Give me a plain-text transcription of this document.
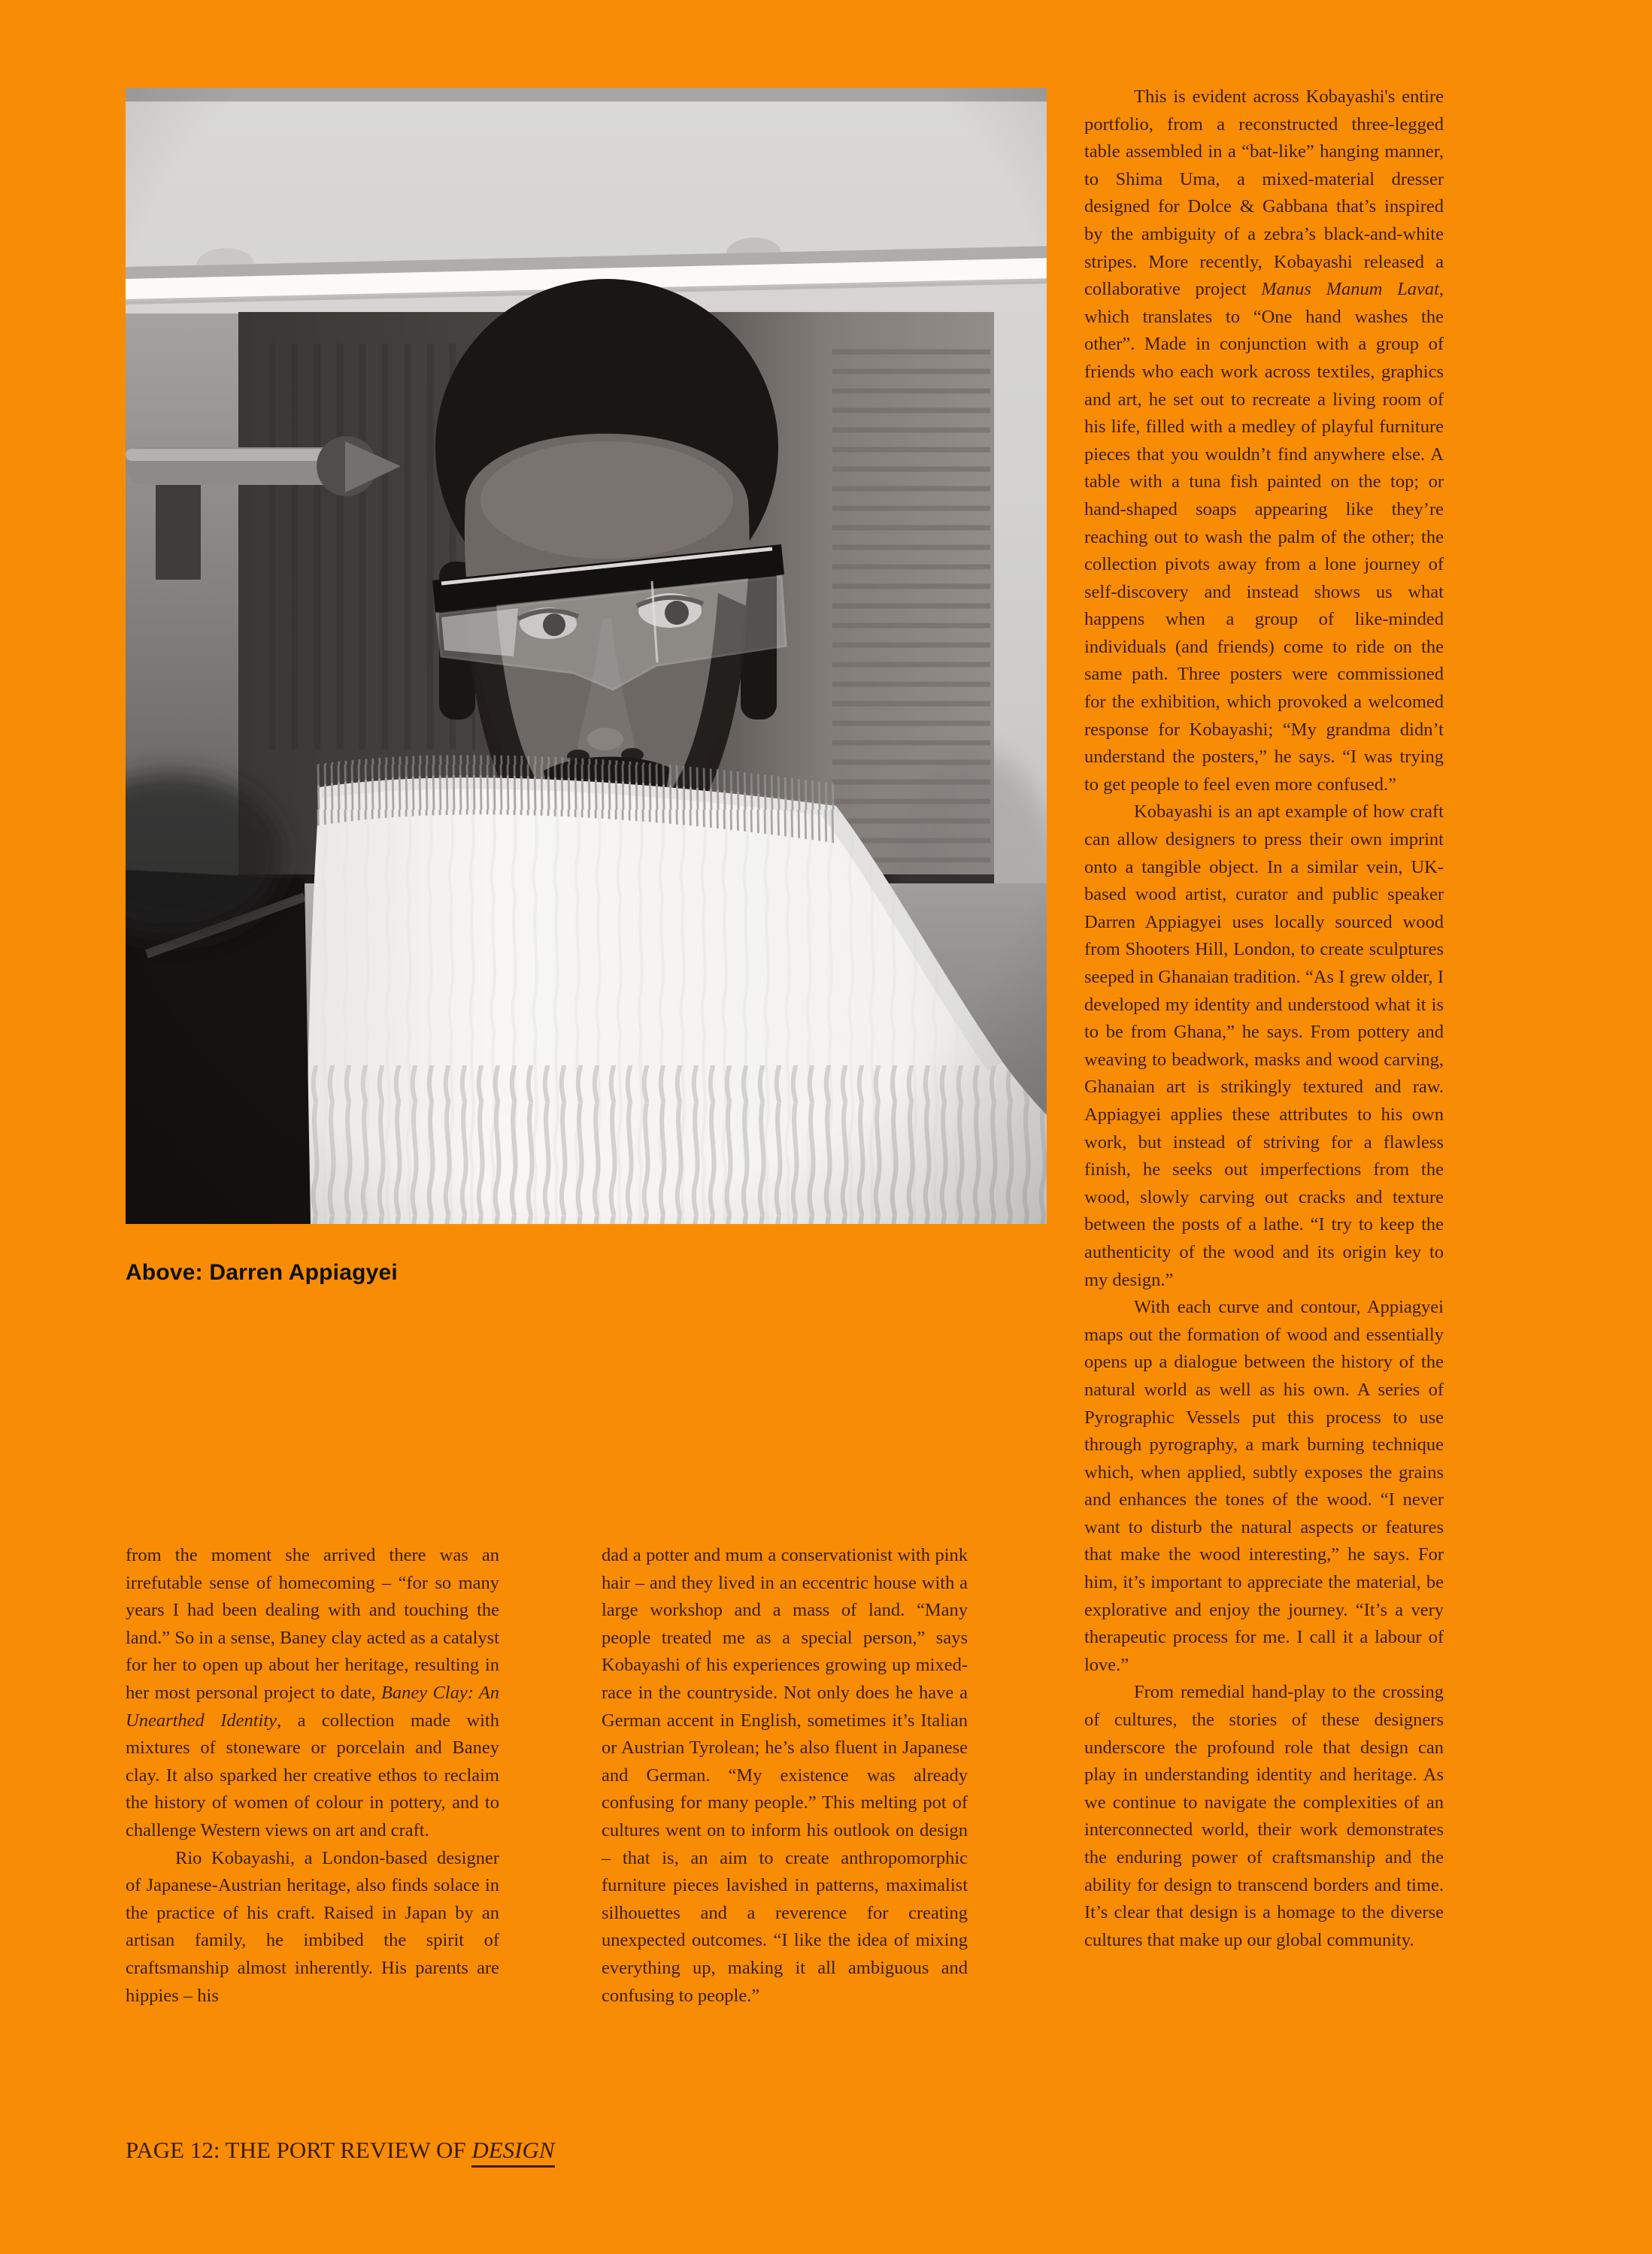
Above: Darren Appiagyei

from the moment she arrived there was an irrefutable sense of homecoming – “for so many years I had been dealing with and touching the land.” So in a sense, Baney clay acted as a catalyst for her to open up about her heritage, resulting in her most personal project to date, Baney Clay: An Unearthed Identity, a collection made with mixtures of stoneware or porcelain and Baney clay. It also sparked her creative ethos to reclaim the history of women of colour in pottery, and to challenge Western views on art and craft.

Rio Kobayashi, a London-based designer of Japanese-Austrian heritage, also finds solace in the practice of his craft. Raised in Japan by an artisan family, he imbibed the spirit of craftsmanship almost inherently. His parents are hippies – his

dad a potter and mum a conservationist with pink hair – and they lived in an eccentric house with a large workshop and a mass of land. “Many people treated me as a special person,” says Kobayashi of his experiences growing up mixed-race in the countryside. Not only does he have a German accent in English, sometimes it’s Italian or Austrian Tyrolean; he’s also fluent in Japanese and German. “My existence was already confusing for many people.” This melting pot of cultures went on to inform his outlook on design – that is, an aim to create anthropomorphic furniture pieces lavished in patterns, maximalist silhouettes and a reverence for creating unexpected outcomes. “I like the idea of mixing everything up, making it all ambiguous and confusing to people.”

This is evident across Kobayashi's entire portfolio, from a reconstructed three-legged table assembled in a “bat-like” hanging manner, to Shima Uma, a mixed-material dresser designed for Dolce & Gabbana that’s inspired by the ambiguity of a zebra’s black-and-white stripes. More recently, Kobayashi released a collaborative project Manus Manum Lavat, which translates to “One hand washes the other”. Made in conjunction with a group of friends who each work across textiles, graphics and art, he set out to recreate a living room of his life, filled with a medley of playful furniture pieces that you wouldn’t find anywhere else. A table with a tuna fish painted on the top; or hand-shaped soaps appearing like they’re reaching out to wash the palm of the other; the collection pivots away from a lone journey of self-discovery and instead shows us what happens when a group of like-minded individuals (and friends) come to ride on the same path. Three posters were commissioned for the exhibition, which provoked a welcomed response for Kobayashi; “My grandma didn’t understand the posters,” he says. “I was trying to get people to feel even more confused.”

Kobayashi is an apt example of how craft can allow designers to press their own imprint onto a tangible object. In a similar vein, UK-based wood artist, curator and public speaker Darren Appiagyei uses locally sourced wood from Shooters Hill, London, to create sculptures seeped in Ghanaian tradition. “As I grew older, I developed my identity and understood what it is to be from Ghana,” he says. From pottery and weaving to beadwork, masks and wood carving, Ghanaian art is strikingly textured and raw. Appiagyei applies these attributes to his own work, but instead of striving for a flawless finish, he seeks out imperfections from the wood, slowly carving out cracks and texture between the posts of a lathe. “I try to keep the authenticity of the wood and its origin key to my design.”

With each curve and contour, Appiagyei maps out the formation of wood and essentially opens up a dialogue between the history of the natural world as well as his own. A series of Pyrographic Vessels put this process to use through pyrography, a mark burning technique which, when applied, subtly exposes the grains and enhances the tones of the wood. “I never want to disturb the natural aspects or features that make the wood interesting,” he says. For him, it’s important to appreciate the material, be explorative and enjoy the journey. “It’s a very therapeutic process for me. I call it a labour of love.”

From remedial hand-play to the crossing of cultures, the stories of these designers underscore the profound role that design can play in understanding identity and heritage. As we continue to navigate the complexities of an interconnected world, their work demonstrates the enduring power of craftsmanship and the ability for design to transcend borders and time. It’s clear that design is a homage to the diverse cultures that make up our global community.

PAGE 12: THE PORT REVIEW OF DESIGN
